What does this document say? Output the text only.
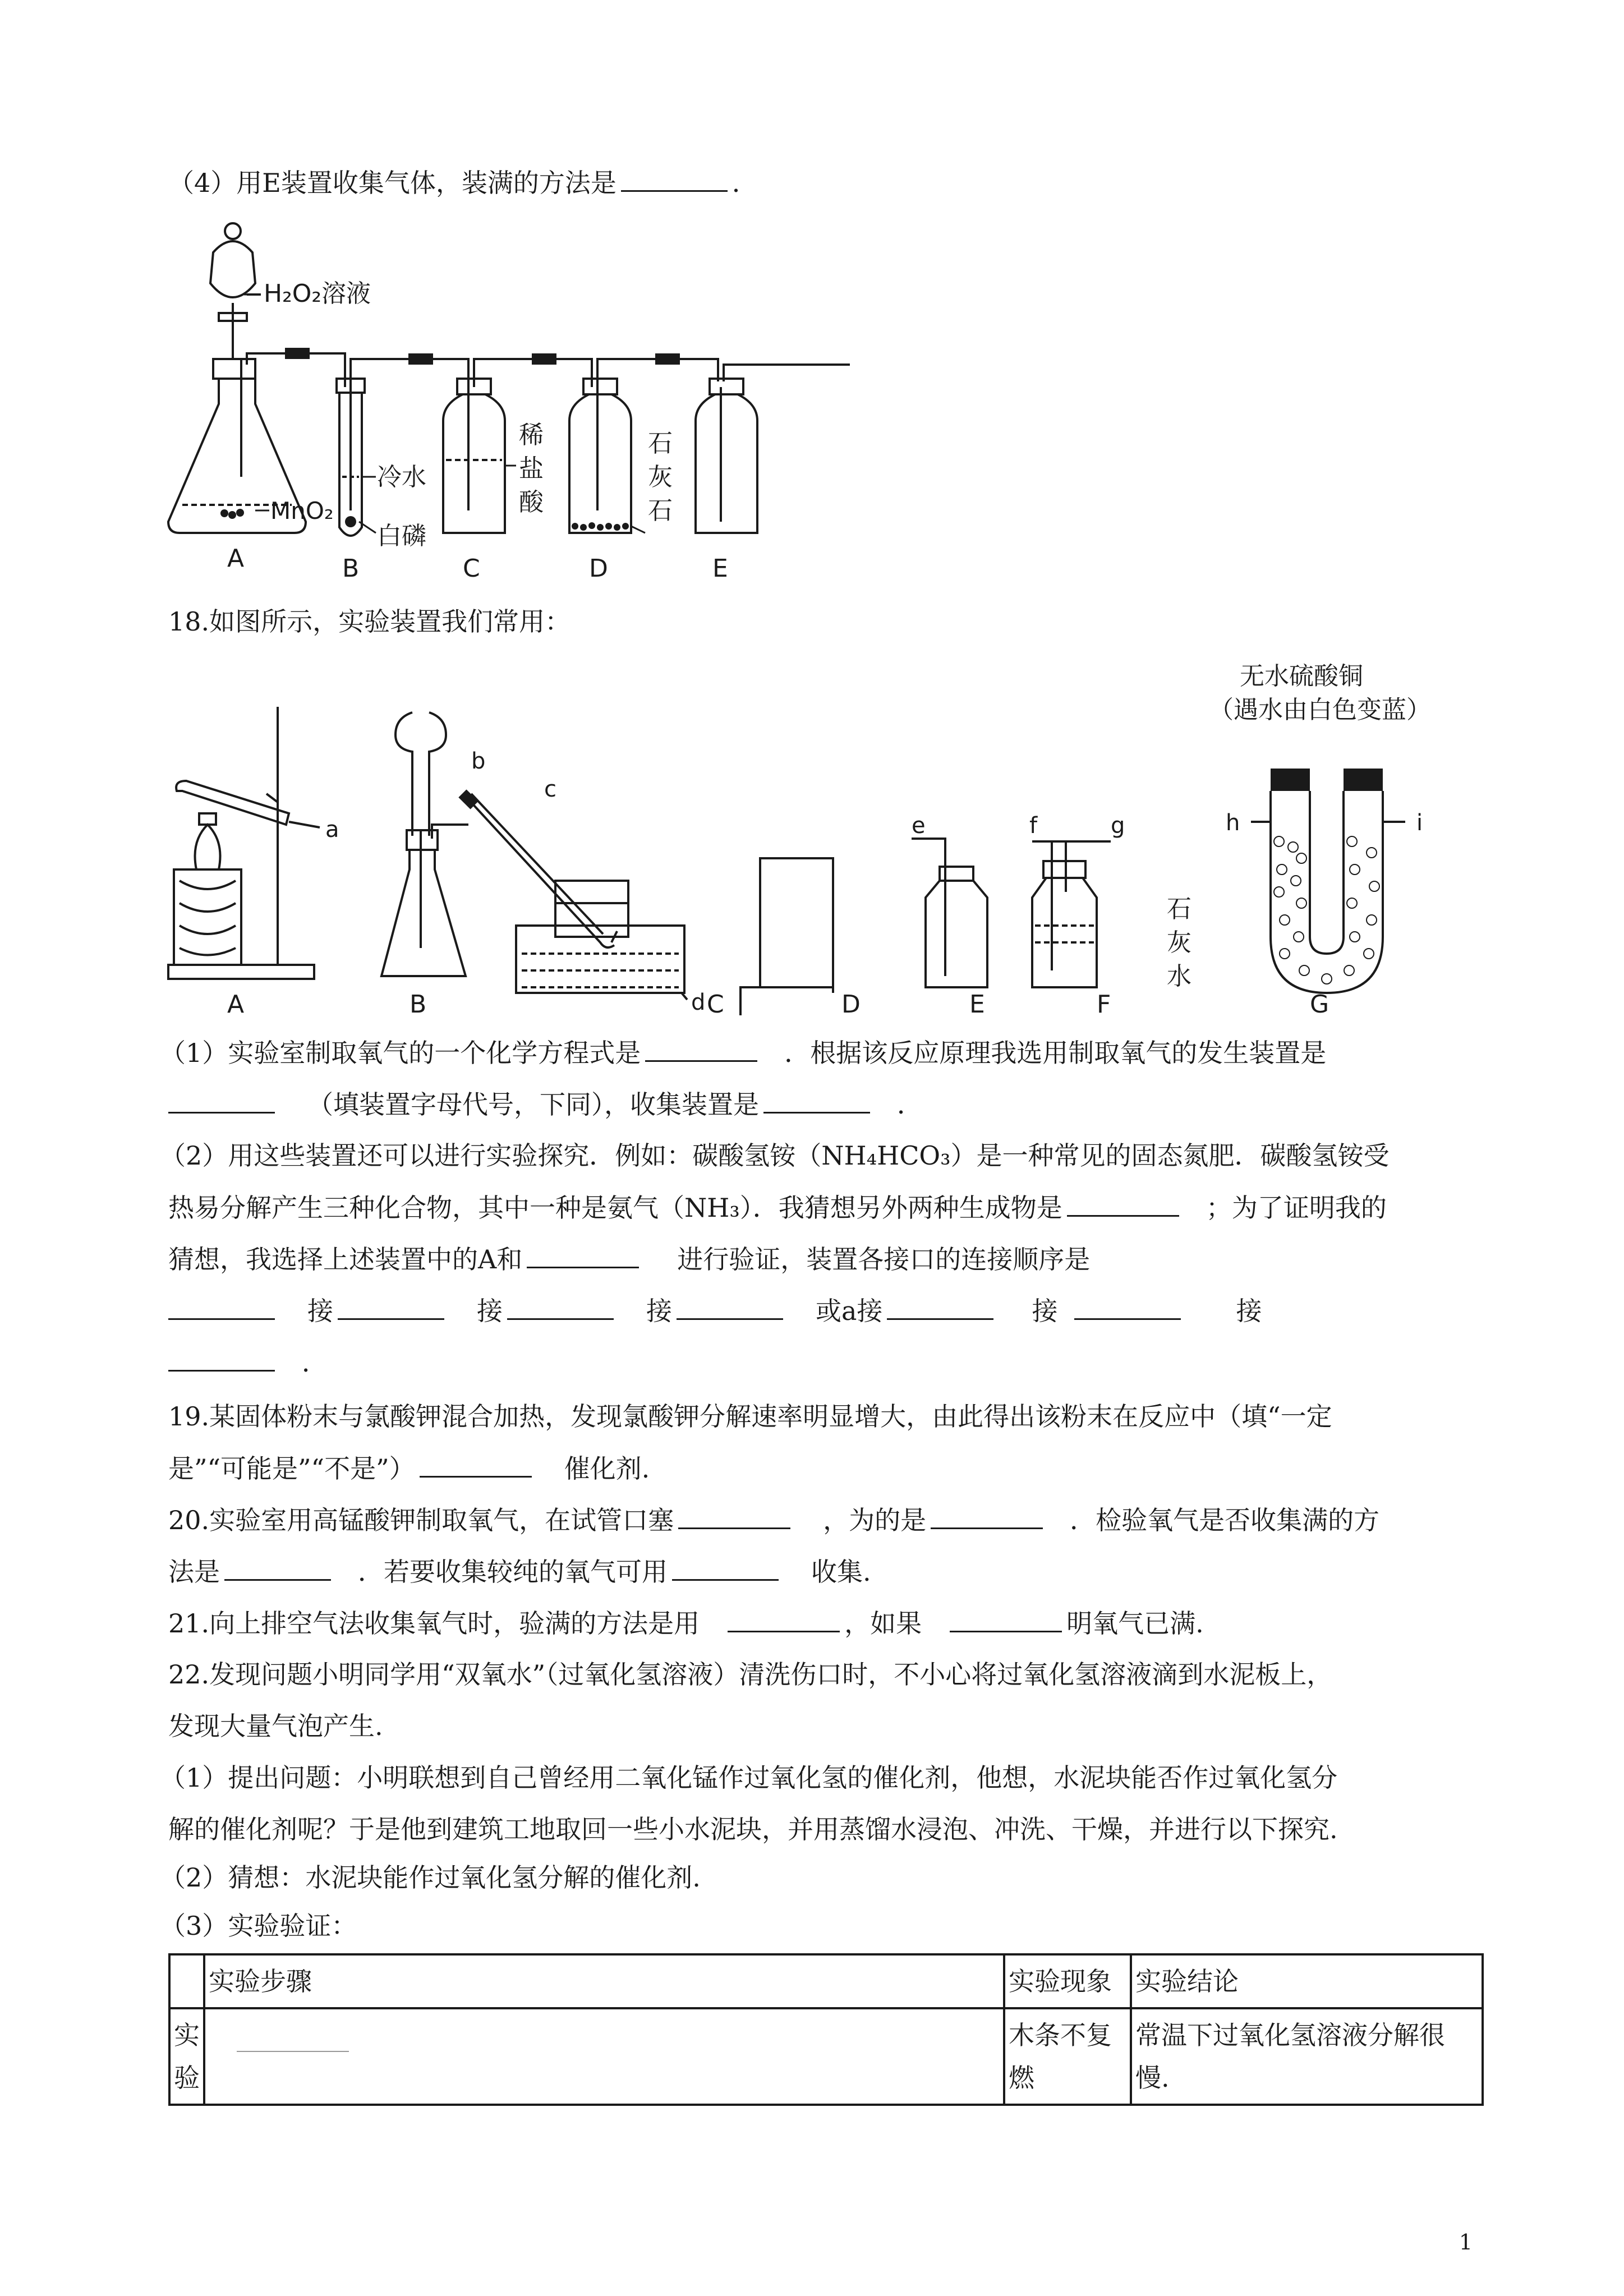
（4）用E装置收集气体，装满的方法是	．
H₂O₂溶液
MnO₂
冷水
白磷
稀
盐
酸
石
灰
石
A	B	C	D	E
18.如图所示，实验装置我们常用：
无水硫酸铜
（遇水由白色变蓝）
a
b
c
d
e	f	g	h	i
石
灰
水
A	B	C	D	E	F	G
（1）实验室制取氧气的一个化学方程式是	．根据该反应原理我选用制取氧气的发生装置是
（填装置字母代号，下同），收集装置是	．
（2）用这些装置还可以进行实验探究．例如：碳酸氢铵（NH₄HCO₃）是一种常见的固态氮肥．碳酸氢铵受
热易分解产生三种化合物，其中一种是氨气（NH₃）．我猜想另外两种生成物是	；为了证明我的
猜想，我选择上述装置中的A和	进行验证，装置各接口的连接顺序是
接	接	接	或a接	接	接
．
19.某固体粉末与氯酸钾混合加热，发现氯酸钾分解速率明显增大，由此得出该粉末在反应中（填“一定
是”“可能是”“不是”）	催化剂.
20.实验室用高锰酸钾制取氧气，在试管口塞	，为的是	．检验氧气是否收集满的方
法是	．若要收集较纯的氧气可用	收集.
21.向上排空气法收集氧气时，验满的方法是用	，如果	明氧气已满.
22.发现问题小明同学用“双氧水”（过氧化氢溶液）清洗伤口时，不小心将过氧化氢溶液滴到水泥板上，
发现大量气泡产生.
（1）提出问题：小明联想到自己曾经用二氧化锰作过氧化氢的催化剂，他想，水泥块能否作过氧化氢分
解的催化剂呢？于是他到建筑工地取回一些小水泥块，并用蒸馏水浸泡、冲洗、干燥，并进行以下探究.
（2）猜想：水泥块能作过氧化氢分解的催化剂.
（3）实验验证：
	实验步骤	实验现象	实验结论
实验		木条不复燃	常温下过氧化氢溶液分解很慢.
1
